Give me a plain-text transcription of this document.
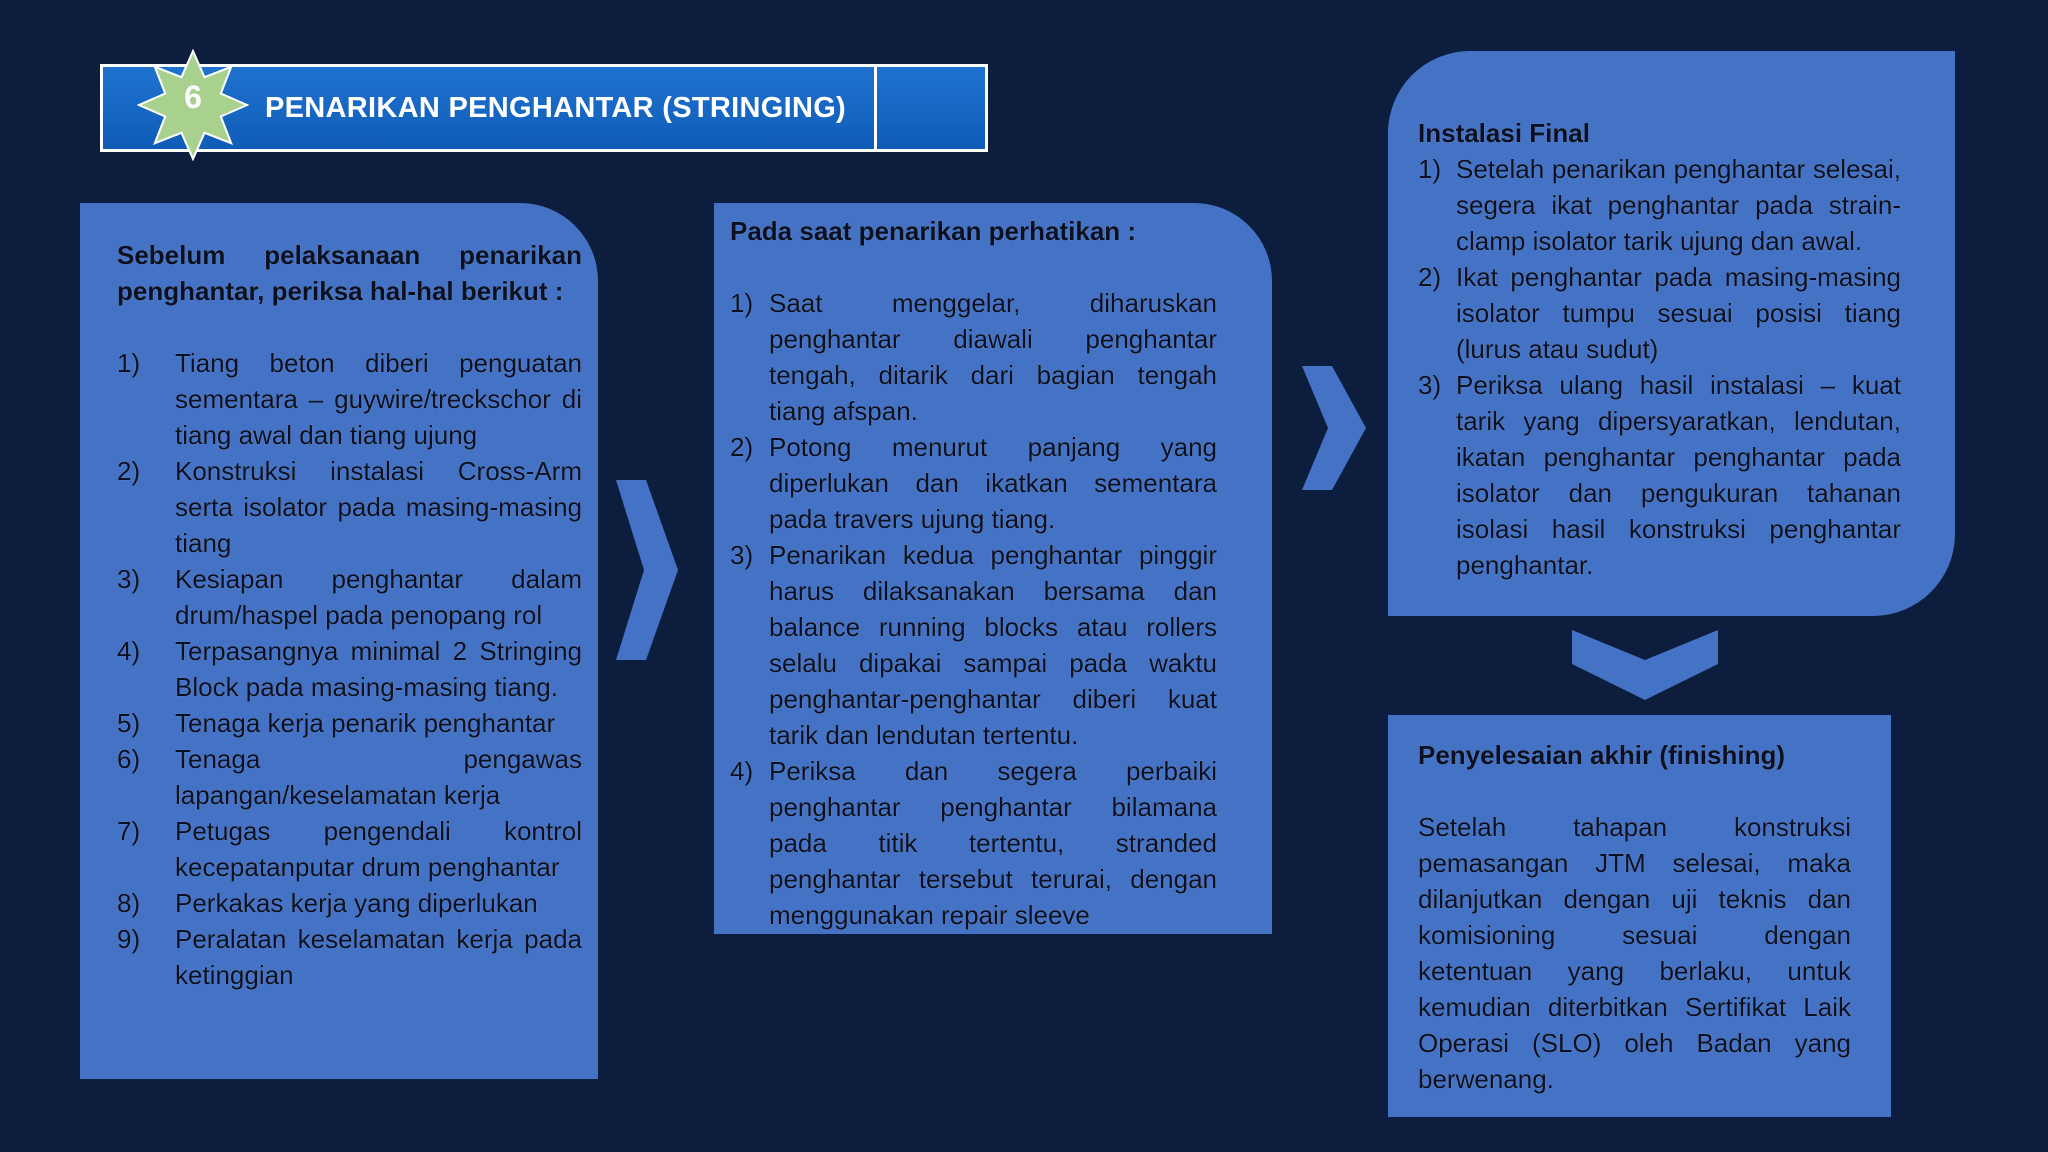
PENARIKAN PENGHANTAR (STRINGING)
6
Sebelum pelaksanaan penarikan penghantar, periksa hal-hal berikut :
1)	Tiang beton diberi penguatan sementara – guywire/treckschor di tiang awal dan tiang ujung
2)	Konstruksi instalasi Cross-Arm serta isolator pada masing-masing tiang
3)	Kesiapan penghantar dalam drum/haspel pada penopang rol
4)	Terpasangnya minimal 2 Stringing Block pada masing-masing tiang.
5)	Tenaga kerja penarik penghantar
6)	Tenaga pengawas lapangan/keselamatan kerja
7)	Petugas pengendali kontrol kecepatanputar drum penghantar
8)	Perkakas kerja yang diperlukan
9)	Peralatan keselamatan kerja pada ketinggian
Pada saat penarikan perhatikan :
1) Saat menggelar, diharuskan penghantar diawali penghantar tengah, ditarik dari bagian tengah tiang afspan.
2) Potong menurut panjang yang diperlukan dan ikatkan sementara pada travers ujung tiang.
3) Penarikan kedua penghantar pinggir harus dilaksanakan bersama dan balance running blocks atau rollers selalu dipakai sampai pada waktu penghantar-penghantar diberi kuat tarik dan lendutan tertentu.
4) Periksa dan segera perbaiki penghantar penghantar bilamana pada titik tertentu, stranded penghantar tersebut terurai, dengan menggunakan repair sleeve
Instalasi Final
1) Setelah penarikan penghantar selesai, segera ikat penghantar pada strain-clamp isolator tarik ujung dan awal.
2) Ikat penghantar pada masing-masing isolator tumpu sesuai posisi tiang (lurus atau sudut)
3) Periksa ulang hasil instalasi – kuat tarik yang dipersyaratkan, lendutan, ikatan penghantar penghantar pada isolator dan pengukuran tahanan isolasi hasil konstruksi penghantar penghantar.
Penyelesaian akhir (finishing)
Setelah tahapan konstruksi pemasangan JTM selesai, maka dilanjutkan dengan uji teknis dan komisioning sesuai dengan ketentuan yang berlaku, untuk kemudian diterbitkan Sertifikat Laik Operasi (SLO) oleh Badan yang berwenang.
